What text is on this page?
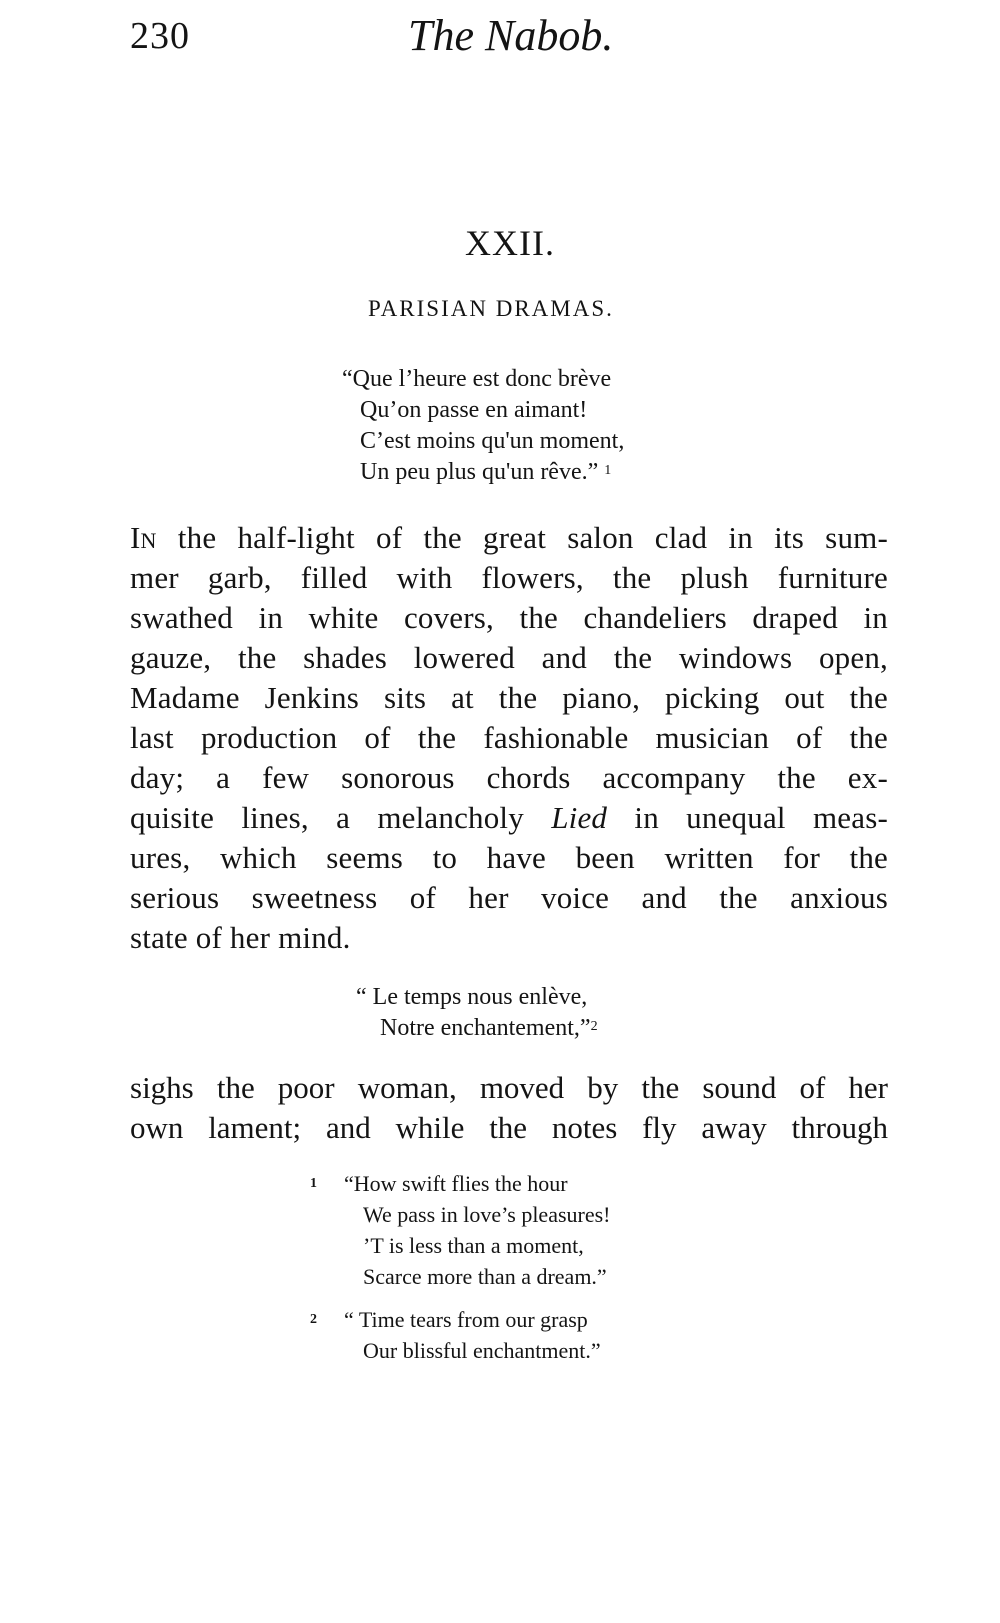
230	The Nabob.
XXII.
PARISIAN DRAMAS.
“Que l’heure est donc brève
Qu’on passe en aimant!
C’est moins qu'un moment,
Un peu plus qu'un rêve.” $^1$
In the half-light of the great salon clad in its sum-
mer garb, filled with flowers, the plush furniture
swathed in white covers, the chandeliers draped in
gauze, the shades lowered and the windows open,
Madame Jenkins sits at the piano, picking out the
last production of the fashionable musician of the
day; a few sonorous chords accompany the ex-
quisite lines, a melancholy Lied in unequal meas-
ures, which seems to have been written for the
serious sweetness of her voice and the anxious
state of her mind.
“ Le temps nous enlève,
Notre enchantement,”$^2$
sighs the poor woman, moved by the sound of her
own lament; and while the notes fly away through
1 “How swift flies the hour
We pass in love’s pleasures!
’T is less than a moment,
Scarce more than a dream.”
2 “ Time tears from our grasp
Our blissful enchantment.”
